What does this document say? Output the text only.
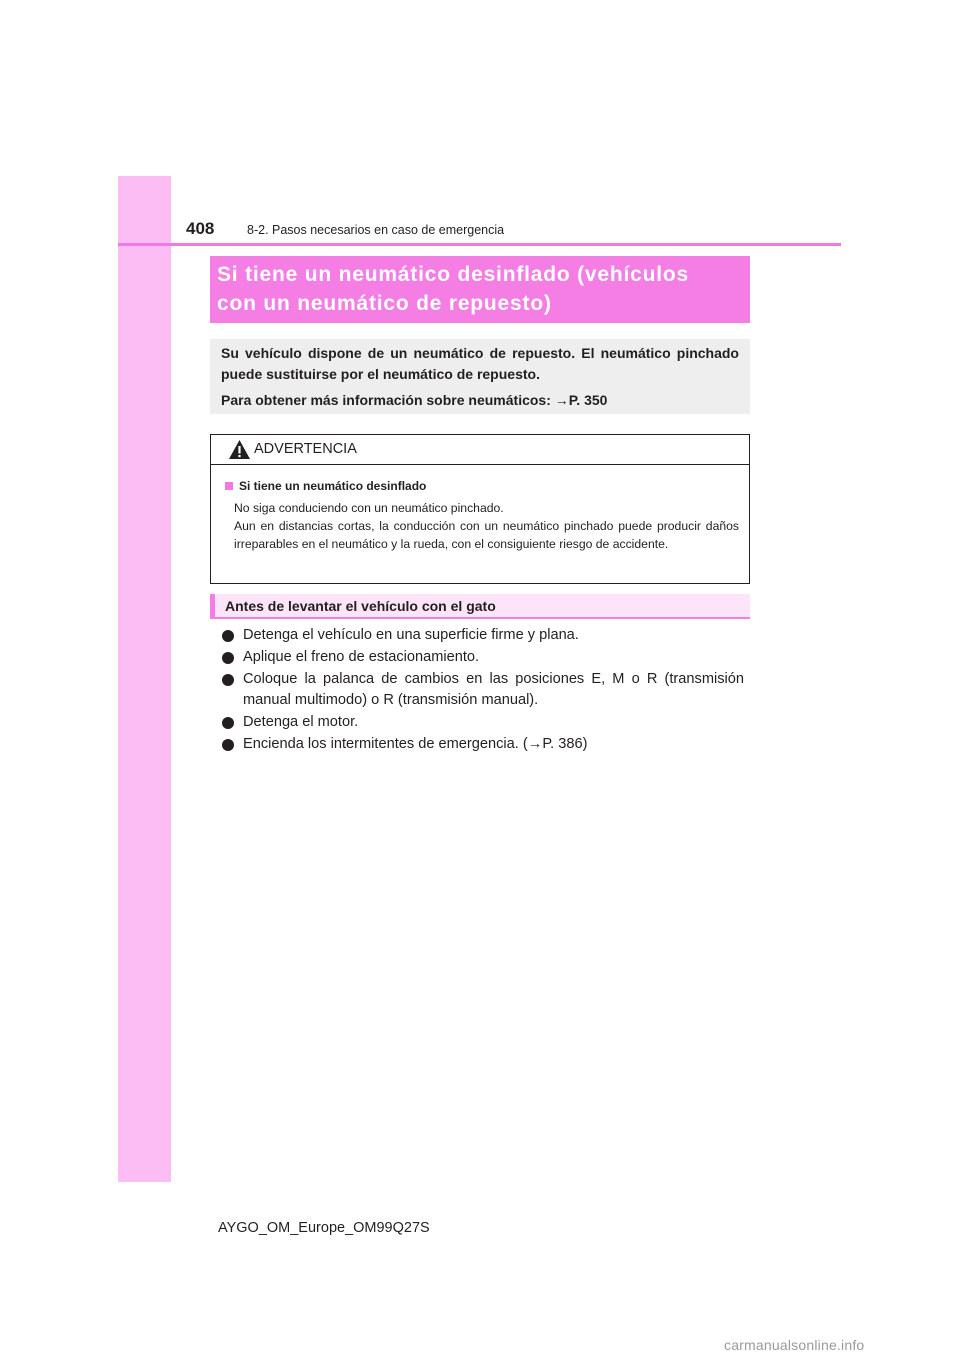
408	8-2. Pasos necesarios en caso de emergencia
Si tiene un neumático desinflado (vehículos
con un neumático de repuesto)

Su vehículo dispone de un neumático de repuesto. El neumático pinchado puede sustituirse por el neumático de repuesto.

Para obtener más información sobre neumáticos: →P. 350

ADVERTENCIA
Si tiene un neumático desinflado

No siga conduciendo con un neumático pinchado.
Aun en distancias cortas, la conducción con un neumático pinchado puede producir daños irreparables en el neumático y la rueda, con el consiguiente riesgo de accidente.

Antes de levantar el vehículo con el gato
Detenga el vehículo en una superficie firme y plana.
Aplique el freno de estacionamiento.
Coloque la palanca de cambios en las posiciones E, M o R (transmisión manual multimodo) o R (transmisión manual).
Detenga el motor.
Encienda los intermitentes de emergencia. (→P. 386)
AYGO_OM_Europe_OM99Q27S
carmanualsonline.info
